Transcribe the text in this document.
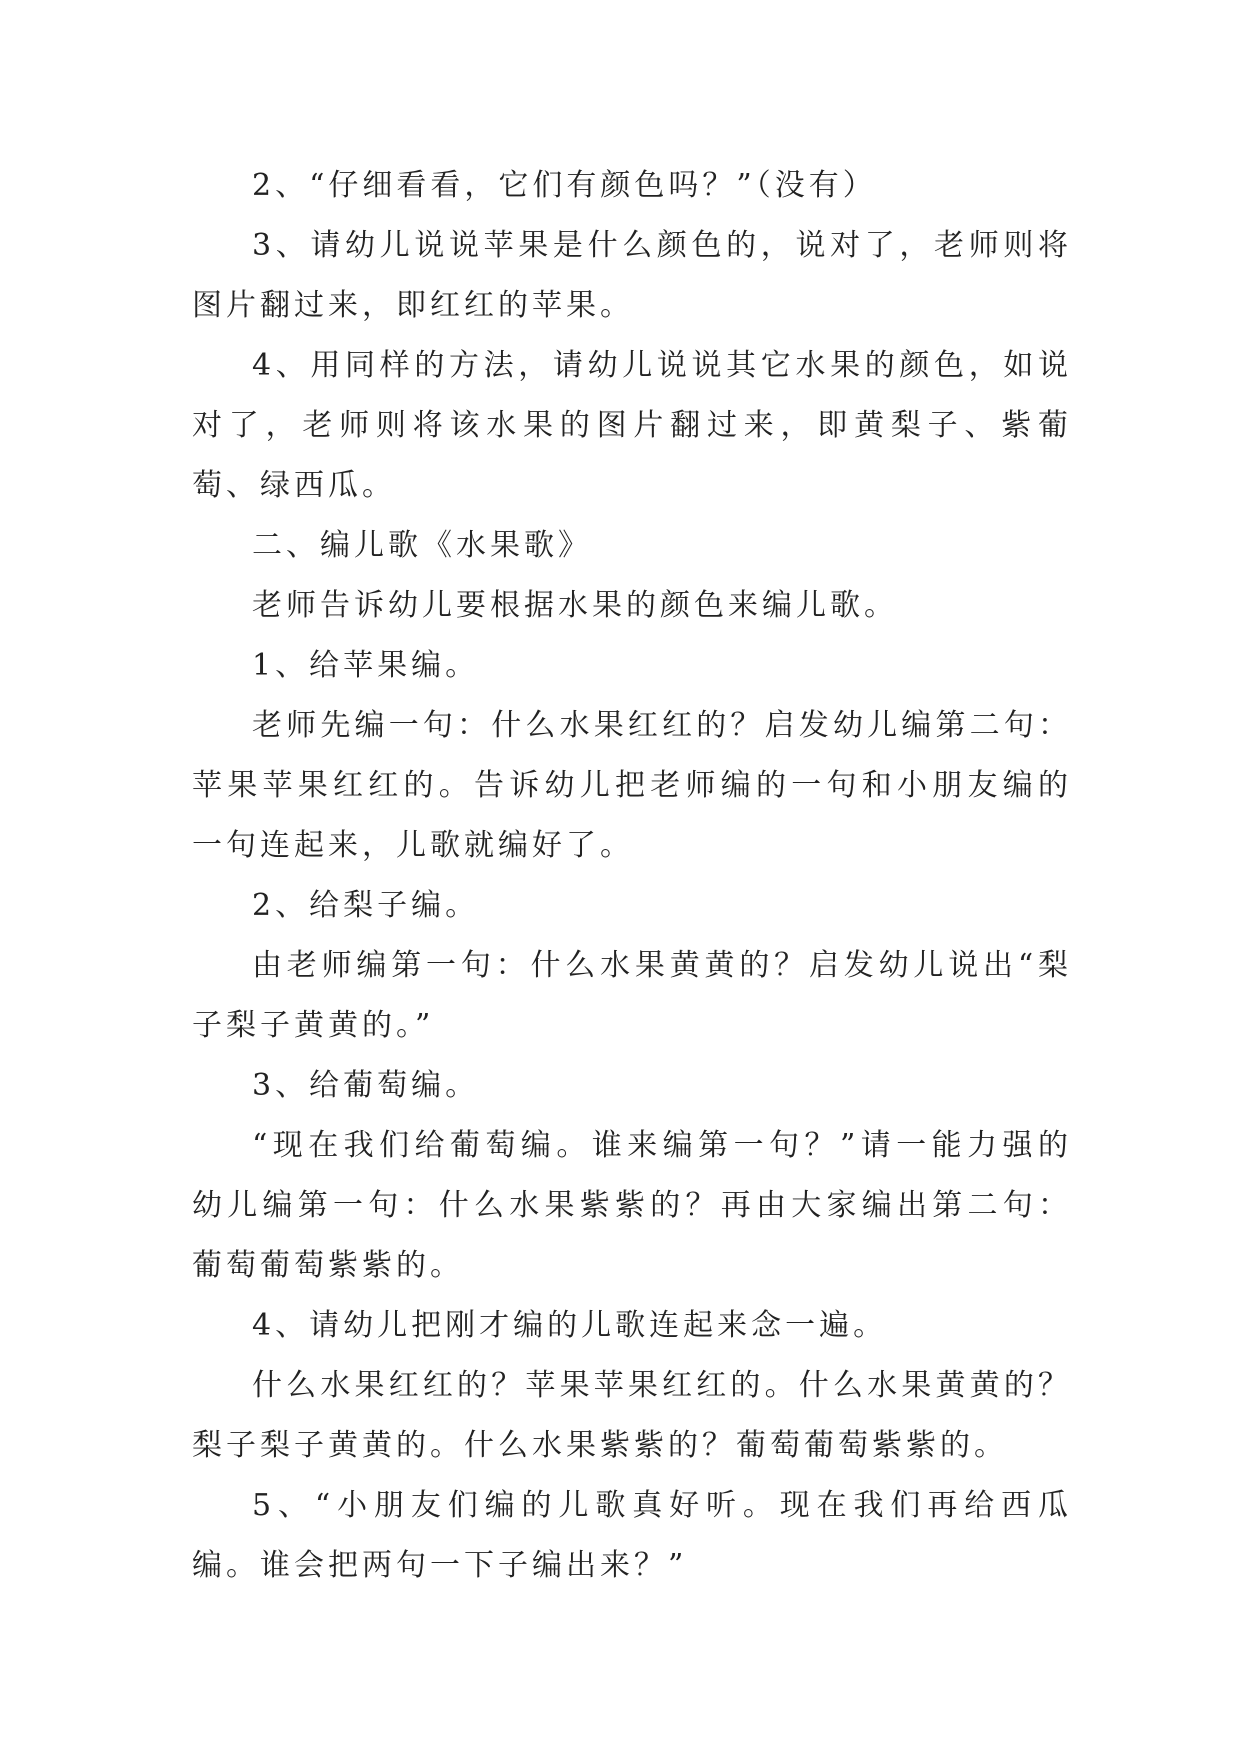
2、“仔细看看，它们有颜色吗？”（没有）

3、请幼儿说说苹果是什么颜色的，说对了，老师则将图片翻过来，即红红的苹果。

4、用同样的方法，请幼儿说说其它水果的颜色，如说对了，老师则将该水果的图片翻过来，即黄梨子、紫葡萄、绿西瓜。

二、编儿歌《水果歌》

老师告诉幼儿要根据水果的颜色来编儿歌。

1、给苹果编。

老师先编一句：什么水果红红的？启发幼儿编第二句：苹果苹果红红的。告诉幼儿把老师编的一句和小朋友编的一句连起来，儿歌就编好了。

2、给梨子编。

由老师编第一句：什么水果黄黄的？启发幼儿说出“梨子梨子黄黄的。”

3、给葡萄编。

“现在我们给葡萄编。谁来编第一句？”请一能力强的幼儿编第一句：什么水果紫紫的？再由大家编出第二句：葡萄葡萄紫紫的。

4、请幼儿把刚才编的儿歌连起来念一遍。

什么水果红红的？苹果苹果红红的。什么水果黄黄的？梨子梨子黄黄的。什么水果紫紫的？葡萄葡萄紫紫的。

5、“小朋友们编的儿歌真好听。现在我们再给西瓜编。谁会把两句一下子编出来？”
